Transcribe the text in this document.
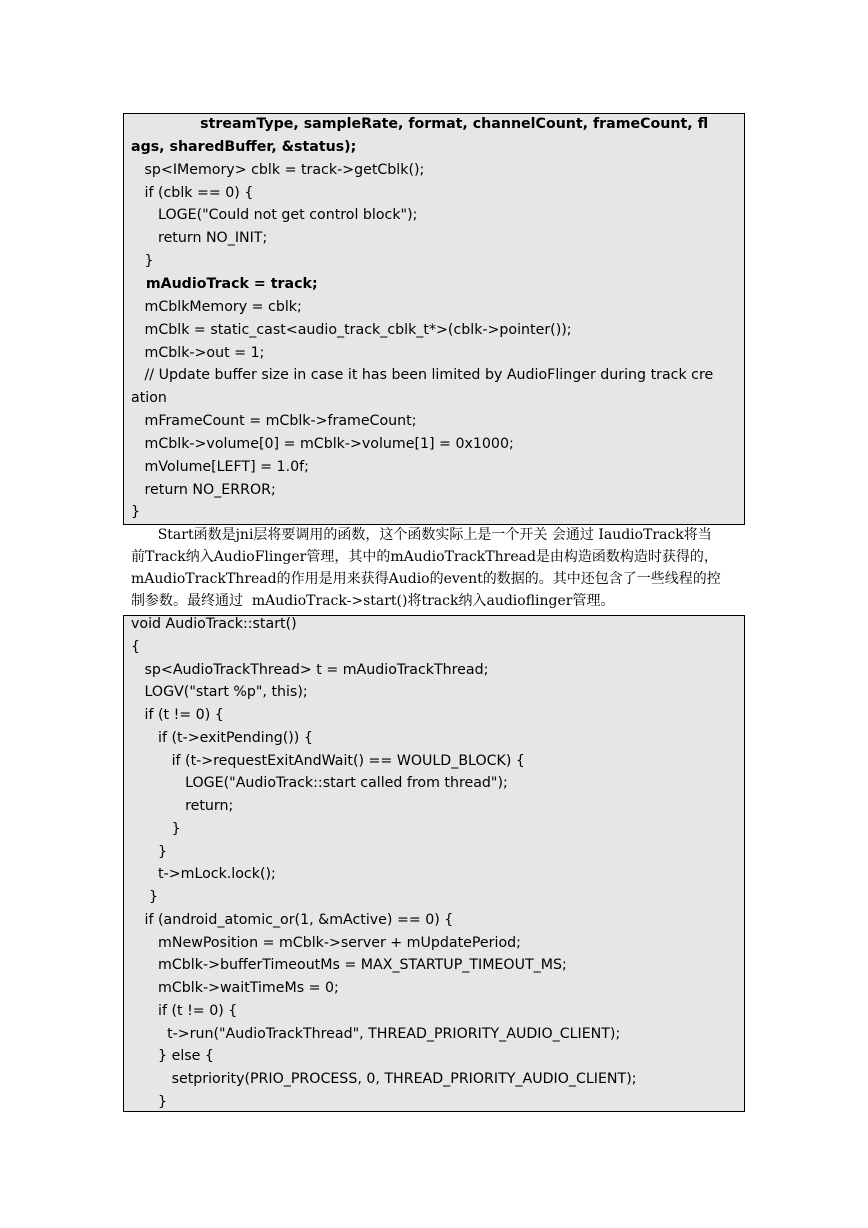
streamType, sampleRate, format, channelCount, frameCount, fl
ags, sharedBuffer, &status);
sp<IMemory> cblk = track->getCblk();
if (cblk == 0) {
LOGE("Could not get control block");
return NO_INIT;
}
mAudioTrack = track;
mCblkMemory = cblk;
mCblk = static_cast<audio_track_cblk_t*>(cblk->pointer());
mCblk->out = 1;
// Update buffer size in case it has been limited by AudioFlinger during track cre
ation
mFrameCount = mCblk->frameCount;
mCblk->volume[0] = mCblk->volume[1] = 0x1000;
mVolume[LEFT] = 1.0f;
return NO_ERROR;
}
Start函数是jni层将要调用的函数，这个函数实际上是一个开关 会通过 IaudioTrack将当
前Track纳入AudioFlinger管理，其中的mAudioTrackThread是由构造函数构造时获得的，
mAudioTrackThread的作用是用来获得Audio的event的数据的。其中还包含了一些线程的控
制参数。最终通过  mAudioTrack->start()将track纳入audioflinger管理。
void AudioTrack::start()
{
sp<AudioTrackThread> t = mAudioTrackThread;
LOGV("start %p", this);
if (t != 0) {
if (t->exitPending()) {
if (t->requestExitAndWait() == WOULD_BLOCK) {
LOGE("AudioTrack::start called from thread");
return;
}
}
t->mLock.lock();
}
if (android_atomic_or(1, &mActive) == 0) {
mNewPosition = mCblk->server + mUpdatePeriod;
mCblk->bufferTimeoutMs = MAX_STARTUP_TIMEOUT_MS;
mCblk->waitTimeMs = 0;
if (t != 0) {
t->run("AudioTrackThread", THREAD_PRIORITY_AUDIO_CLIENT);
} else {
setpriority(PRIO_PROCESS, 0, THREAD_PRIORITY_AUDIO_CLIENT);
}
